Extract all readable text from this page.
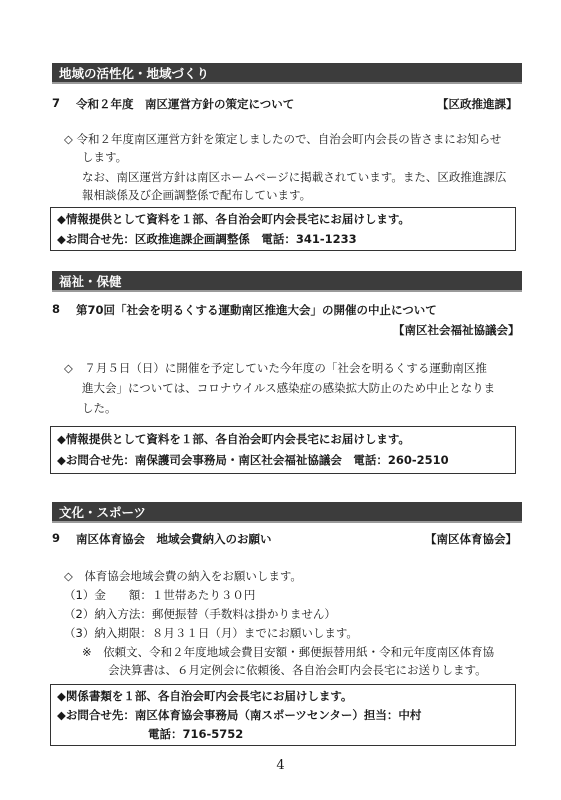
地域の活性化・地域づくり
7 令和２年度　南区運営方針の策定について	【区政推進課】
◇ 令和２年度南区運営方針を策定しましたので、自治会町内会長の皆さまにお知らせ
します。
なお、南区運営方針は南区ホームページに掲載されています。また、区政推進課広
報相談係及び企画調整係で配布しています。
◆情報提供として資料を１部、各自治会町内会長宅にお届けします。
◆お問合せ先：区政推進課企画調整係　電話：341-1233
福祉・保健
8 第70回「社会を明るくする運動南区推進大会」の開催の中止について
【南区社会福祉協議会】
◇　７月５日（日）に開催を予定していた今年度の「社会を明るくする運動南区推
進大会」については、コロナウイルス感染症の感染拡大防止のため中止となりま
した。
◆情報提供として資料を１部、各自治会町内会長宅にお届けします。
◆お問合せ先：南保護司会事務局・南区社会福祉協議会　電話：260-2510
文化・スポーツ
9 南区体育協会　地域会費納入のお願い	【南区体育協会】
◇　体育協会地域会費の納入をお願いします。
（1）金　　額：１世帯あたり３０円
（2）納入方法：郵便振替（手数料は掛かりません）
（3）納入期限：８月３１日（月）までにお願いします。
※　依頼文、令和２年度地域会費目安額・郵便振替用紙・令和元年度南区体育協
会決算書は、６月定例会に依頼後、各自治会町内会長宅にお送りします。
◆関係書類を１部、各自治会町内会長宅にお届けします。
◆お問合せ先：南区体育協会事務局（南スポーツセンター）担当：中村
電話：716-5752
4
